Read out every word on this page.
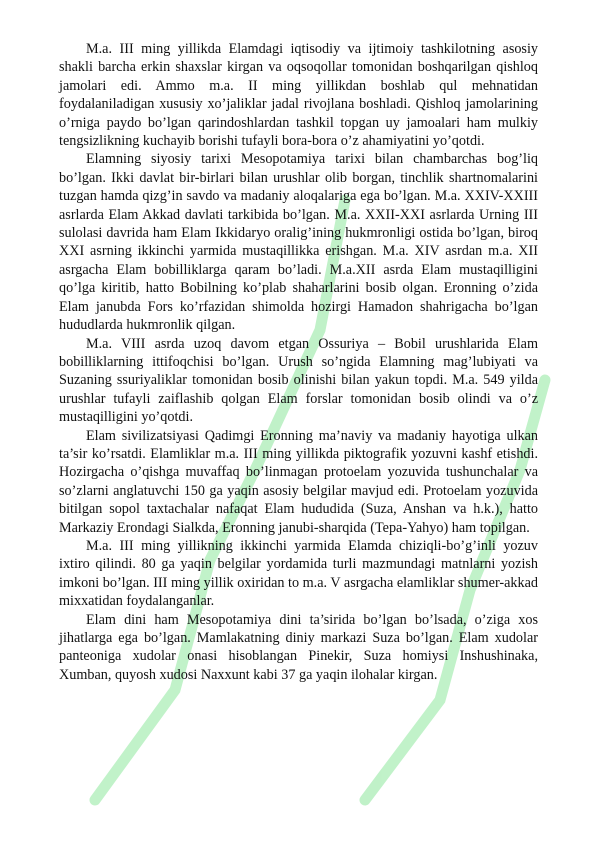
M.a. III ming yillikda Elamdagi iqtisodiy va ijtimoiy tashkilotning asosiy shakli barcha erkin shaxslar kirgan va oqsoqollar tomonidan boshqarilgan qishloq jamolari edi. Ammo m.a. II ming yillikdan boshlab qul mehnatidan foydalaniladigan xususiy xo’jaliklar jadal rivojlana boshladi. Qishloq jamolarining o’rniga paydo bo’lgan qarindoshlardan tashkil topgan uy jamoalari ham mulkiy tengsizlikning kuchayib borishi tufayli bora-bora o’z ahamiyatini yo’qotdi.

Elamning siyosiy tarixi Mesopotamiya tarixi bilan chambarchas bog’liq bo’lgan. Ikki davlat bir-birlari bilan urushlar olib borgan, tinchlik shartnomalarini tuzgan hamda qizg’in savdo va madaniy aloqalariga ega bo’lgan. M.a. XXIV-XXIII asrlarda Elam Akkad davlati tarkibida bo’lgan. M.a. XXII-XXI asrlarda Urning III sulolasi davrida ham Elam Ikkidaryo oralig’ining hukmronligi ostida bo’lgan, biroq XXI asrning ikkinchi yarmida mustaqillikka erishgan. M.a. XIV asrdan m.a. XII asrgacha Elam bobilliklarga qaram bo’ladi. M.a.XII asrda Elam mustaqilligini qo’lga kiritib, hatto Bobilning ko’plab shaharlarini bosib olgan. Eronning o’zida Elam janubda Fors ko’rfazidan shimolda hozirgi Hamadon shahrigacha bo’lgan hududlarda hukmronlik qilgan.

M.a. VIII asrda uzoq davom etgan Ossuriya – Bobil urushlarida Elam bobilliklarning ittifoqchisi bo’lgan. Urush so’ngida Elamning mag’lubiyati va Suzaning ssuriyaliklar tomonidan bosib olinishi bilan yakun topdi. M.a. 549 yilda urushlar tufayli zaiflashib qolgan Elam forslar tomonidan bosib olindi va o’z mustaqilligini yo’qotdi.

Elam sivilizatsiyasi Qadimgi Eronning ma’naviy va madaniy hayotiga ulkan ta’sir ko’rsatdi. Elamliklar m.a. III ming yillikda piktografik yozuvni kashf etishdi. Hozirgacha o’qishga muvaffaq bo’linmagan protoelam yozuvida tushunchalar va so’zlarni anglatuvchi 150 ga yaqin asosiy belgilar mavjud edi. Protoelam yozuvida bitilgan sopol taxtachalar nafaqat Elam hududida (Suza, Anshan va h.k.), hatto Markaziy Erondagi Sialkda, Eronning janubi-sharqida (Tepa-Yahyo) ham topilgan.

M.a. III ming yillikning ikkinchi yarmida Elamda chiziqli-bo’g’inli yozuv ixtiro qilindi. 80 ga yaqin belgilar yordamida turli mazmundagi matnlarni yozish imkoni bo’lgan. III ming yillik oxiridan to m.a. V asrgacha elamliklar shumer-akkad mixxatidan foydalanganlar.

Elam dini ham Mesopotamiya dini ta’sirida bo’lgan bo’lsada, o’ziga xos jihatlarga ega bo’lgan. Mamlakatning diniy markazi Suza bo’lgan. Elam xudolar panteoniga xudolar onasi hisoblangan Pinekir, Suza homiysi Inshushinaka, Xumban, quyosh xudosi Naxxunt kabi 37 ga yaqin ilohalar kirgan.
